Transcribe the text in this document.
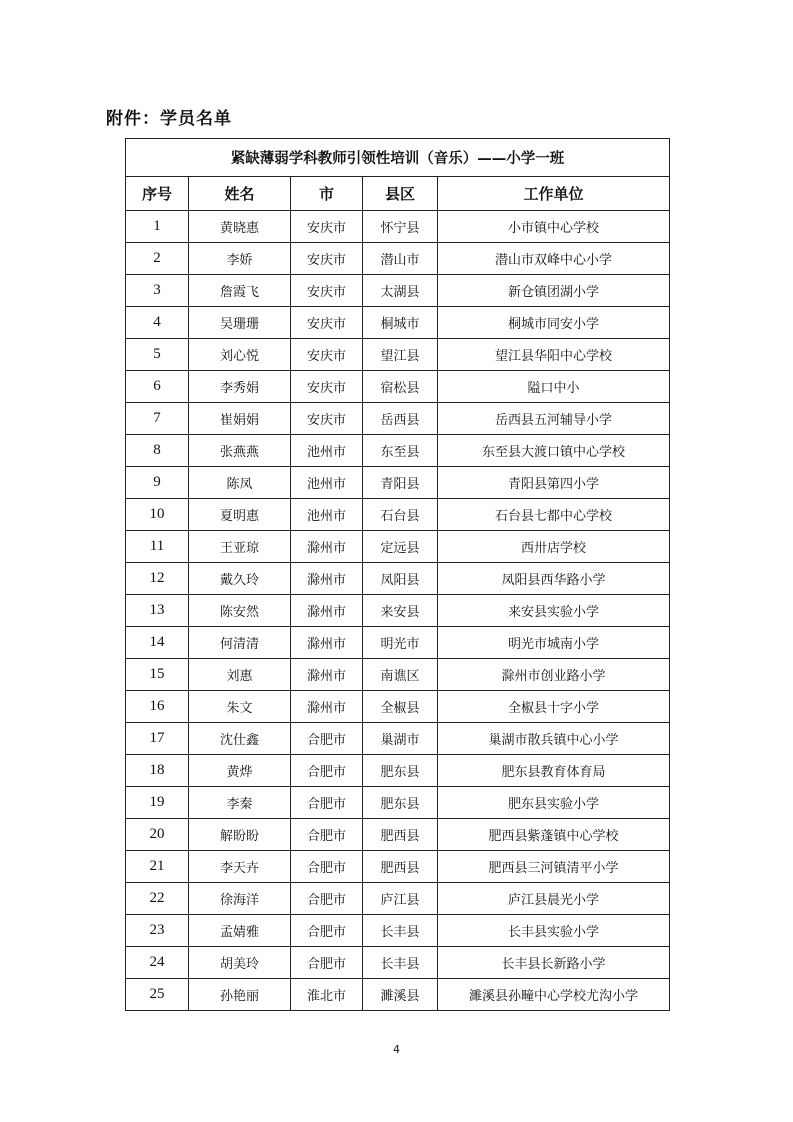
附件：学员名单
紧缺薄弱学科教师引领性培训（音乐）——小学一班				
序号	姓名	市	县区	工作单位
1	黄晓惠	安庆市	怀宁县	小市镇中心学校
2	李娇	安庆市	潜山市	潜山市双峰中心小学
3	詹霞飞	安庆市	太湖县	新仓镇团湖小学
4	吴珊珊	安庆市	桐城市	桐城市同安小学
5	刘心悦	安庆市	望江县	望江县华阳中心学校
6	李秀娟	安庆市	宿松县	隘口中小
7	崔娟娟	安庆市	岳西县	岳西县五河辅导小学
8	张燕燕	池州市	东至县	东至县大渡口镇中心学校
9	陈凤	池州市	青阳县	青阳县第四小学
10	夏明惠	池州市	石台县	石台县七都中心学校
11	王亚琼	滁州市	定远县	西卅店学校
12	戴久玲	滁州市	凤阳县	凤阳县西华路小学
13	陈安然	滁州市	来安县	来安县实验小学
14	何清清	滁州市	明光市	明光市城南小学
15	刘惠	滁州市	南谯区	滁州市创业路小学
16	朱文	滁州市	全椒县	全椒县十字小学
17	沈仕鑫	合肥市	巢湖市	巢湖市散兵镇中心小学
18	黄烨	合肥市	肥东县	肥东县教育体育局
19	李秦	合肥市	肥东县	肥东县实验小学
20	解盼盼	合肥市	肥西县	肥西县紫蓬镇中心学校
21	李天卉	合肥市	肥西县	肥西县三河镇清平小学
22	徐海洋	合肥市	庐江县	庐江县晨光小学
23	孟婧雅	合肥市	长丰县	长丰县实验小学
24	胡美玲	合肥市	长丰县	长丰县长新路小学
25	孙艳丽	淮北市	濉溪县	濉溪县孙疃中心学校尤沟小学
4
